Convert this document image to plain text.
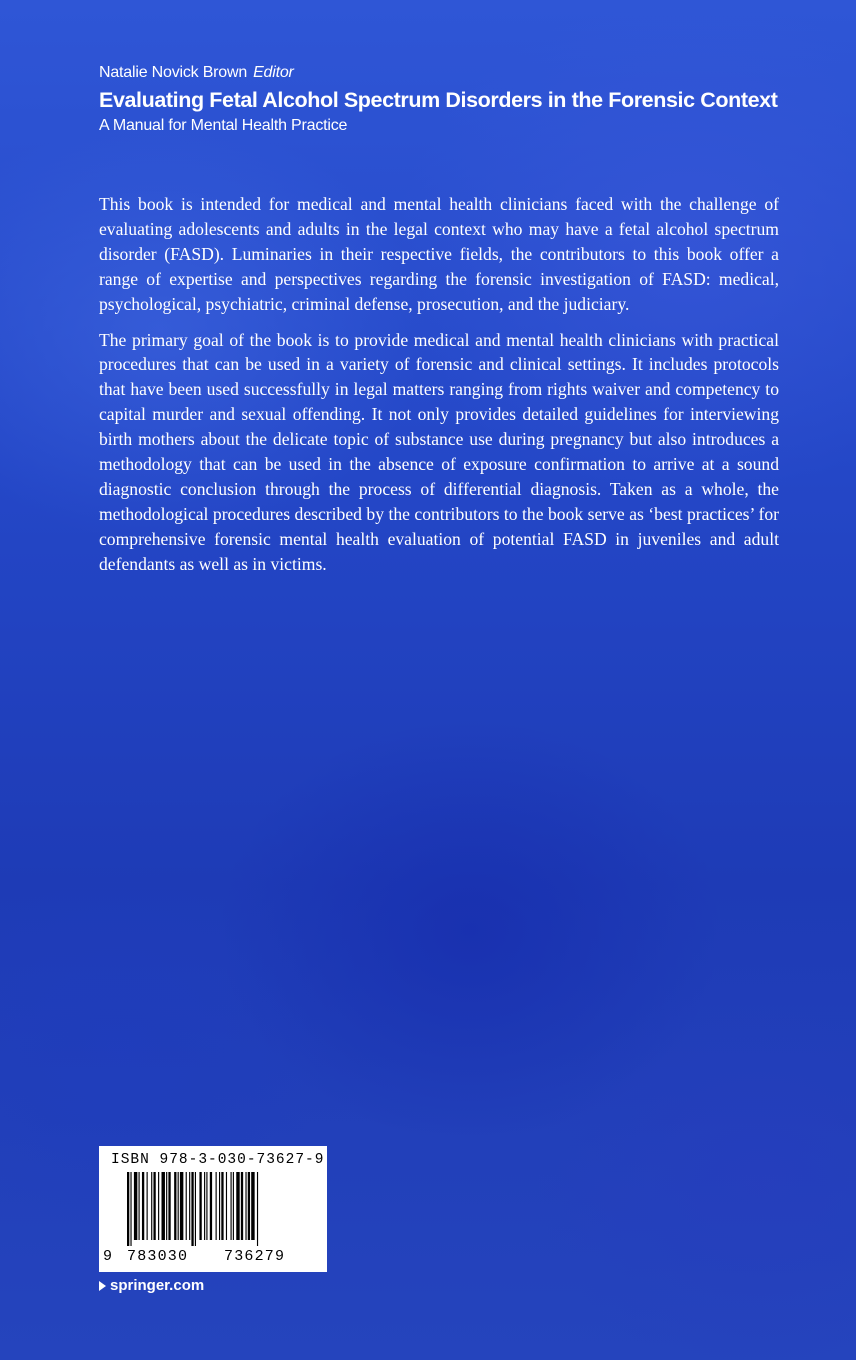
Natalie Novick Brown Editor
Evaluating Fetal Alcohol Spectrum Disorders in the Forensic Context
A Manual for Mental Health Practice

This book is intended for medical and mental health clinicians faced with the challenge of evaluating adolescents and adults in the legal context who may have a fetal alcohol spectrum disorder (FASD). Luminaries in their respective fields, the contributors to this book offer a range of expertise and perspectives regarding the forensic investigation of FASD: medical, psychological, psychiatric, criminal defense, prosecution, and the judiciary.

The primary goal of the book is to provide medical and mental health clinicians with practical procedures that can be used in a variety of forensic and clinical settings. It includes protocols that have been used successfully in legal matters ranging from rights waiver and competency to capital murder and sexual offending. It not only provides detailed guidelines for interviewing birth mothers about the delicate topic of substance use during pregnancy but also introduces a methodology that can be used in the absence of exposure confirmation to arrive at a sound diagnostic conclusion through the process of differential diagnosis. Taken as a whole, the methodological procedures described by the contributors to the book serve as ‘best practices’ for comprehensive forensic mental health evaluation of potential FASD in juveniles and adult defendants as well as in victims.

ISBN 978-3-030-73627-9
9 783030 736279
springer.com
